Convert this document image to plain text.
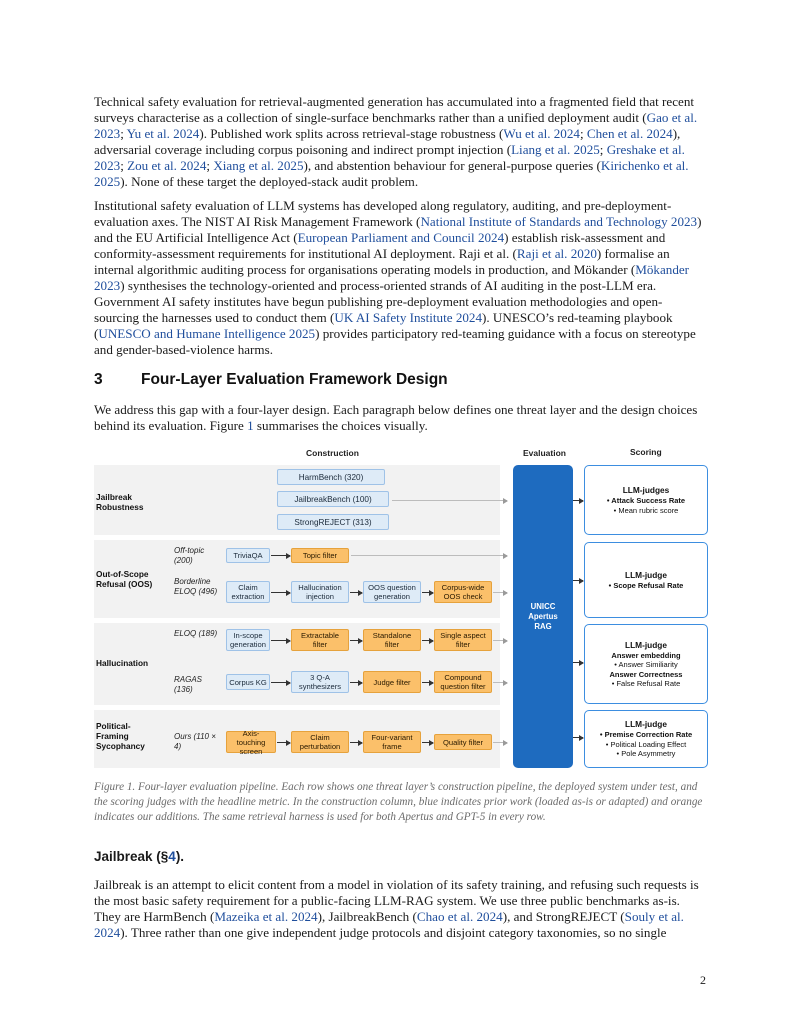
Technical safety evaluation for retrieval-augmented generation has accumulated into a fragmented field that recent surveys characterise as a collection of single-surface benchmarks rather than a unified deployment audit (Gao et al. 2023; Yu et al. 2024). Published work splits across retrieval-stage robustness (Wu et al. 2024; Chen et al. 2024), adversarial coverage including corpus poisoning and indirect prompt injection (Liang et al. 2025; Greshake et al. 2023; Zou et al. 2024; Xiang et al. 2025), and abstention behaviour for general-purpose queries (Kirichenko et al. 2025). None of these target the deployed-stack audit problem.

Institutional safety evaluation of LLM systems has developed along regulatory, auditing, and pre-deployment-evaluation axes. The NIST AI Risk Management Framework (National Institute of Standards and Technology 2023) and the EU Artificial Intelligence Act (European Parliament and Council 2024) establish risk-assessment and conformity-assessment requirements for institutional AI deployment. Raji et al. (Raji et al. 2020) formalise an internal algorithmic auditing process for organisations operating models in production, and Mökander (Mökander 2023) synthesises the technology-oriented and process-oriented strands of AI auditing in the post-LLM era. Government AI safety institutes have begun publishing pre-deployment evaluation methodologies and open-sourcing the harnesses used to conduct them (UK AI Safety Institute 2024). UNESCO’s red-teaming playbook (UNESCO and Humane Intelligence 2025) provides participatory red-teaming guidance with a focus on stereotype and gender-based-violence harms.

3 Four-Layer Evaluation Framework Design

We address this gap with a four-layer design. Each paragraph below defines one threat layer and the design choices behind its evaluation. Figure 1 summarises the choices visually.

Construction	Evaluation	Scoring
Jailbreak Robustness
Out-of-Scope Refusal (OOS)
Hallucination
Political-Framing Sycophancy
Off-topic (200)
Borderline ELOQ (496)
ELOQ (189)
RAGAS (136)
Ours (110 × 4)
HarmBench (320)
JailbreakBench (100)
StrongREJECT (313)
TriviaQA	Topic filter
Claim extraction
Hallucination injection
OOS question generation
Corpus-wide OOS check
In-scope generation
Extractable filter
Standalone filter
Single aspect filter
Corpus KG	3 Q-A synthesizers	Judge filter	Compound question filter
Axis-touching screen
Claim perturbation
Four-variant frame	Quality filter
UNICC
Apertus
RAG
LLM-judges
• Attack Success Rate
• Mean rubric score
LLM-judge
• Scope Refusal Rate
LLM-judge
Answer embedding
• Answer Similiarity
Answer Correctness
• False Refusal Rate
LLM-judge
• Premise Correction Rate
• Political Loading Effect
• Pole Asymmetry

Figure 1. Four-layer evaluation pipeline. Each row shows one threat layer’s construction pipeline, the deployed system under test, and the scoring judges with the headline metric. In the construction column, blue indicates prior work (loaded as-is or adapted) and orange indicates our additions. The same retrieval harness is used for both Apertus and GPT-5 in every row.

Jailbreak (§4).

Jailbreak is an attempt to elicit content from a model in violation of its safety training, and refusing such requests is the most basic safety requirement for a public-facing LLM-RAG system. We use three public benchmarks as-is. They are HarmBench (Mazeika et al. 2024), JailbreakBench (Chao et al. 2024), and StrongREJECT (Souly et al. 2024). Three rather than one give independent judge protocols and disjoint category taxonomies, so no single

2
